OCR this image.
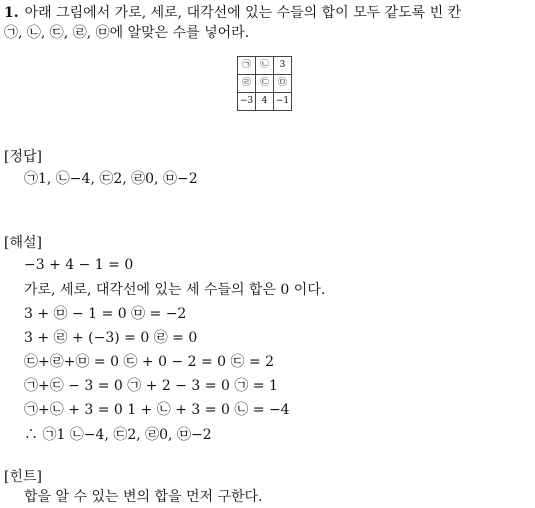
1. 아래 그림에서 가로, 세로, 대각선에 있는 수들의 합이 모두 같도록 빈 칸
㉠, ㉡, ㉢, ㉣, ㉤에 알맞은 수를 넣어라.
㉠	㉡	3
㉣	㉢	㉤
−3	4	−1
[정답]
㉠1, ㉡−4, ㉢2, ㉣0, ㉤−2
[해설]
−3 + 4 − 1 = 0
가로, 세로, 대각선에 있는 세 수들의 합은 0 이다.
3 + ㉤ − 1 = 0 ㉤ = −2
3 + ㉣ + (−3) = 0 ㉣ = 0
㉢+㉣+㉤ = 0 ㉢ + 0 − 2 = 0 ㉢ = 2
㉠+㉢ − 3 = 0 ㉠ + 2 − 3 = 0 ㉠ = 1
㉠+㉡ + 3 = 0 1 + ㉡ + 3 = 0 ㉡ = −4
∴ ㉠1 ㉡−4, ㉢2, ㉣0, ㉤−2
[힌트]
합을 알 수 있는 변의 합을 먼저 구한다.
